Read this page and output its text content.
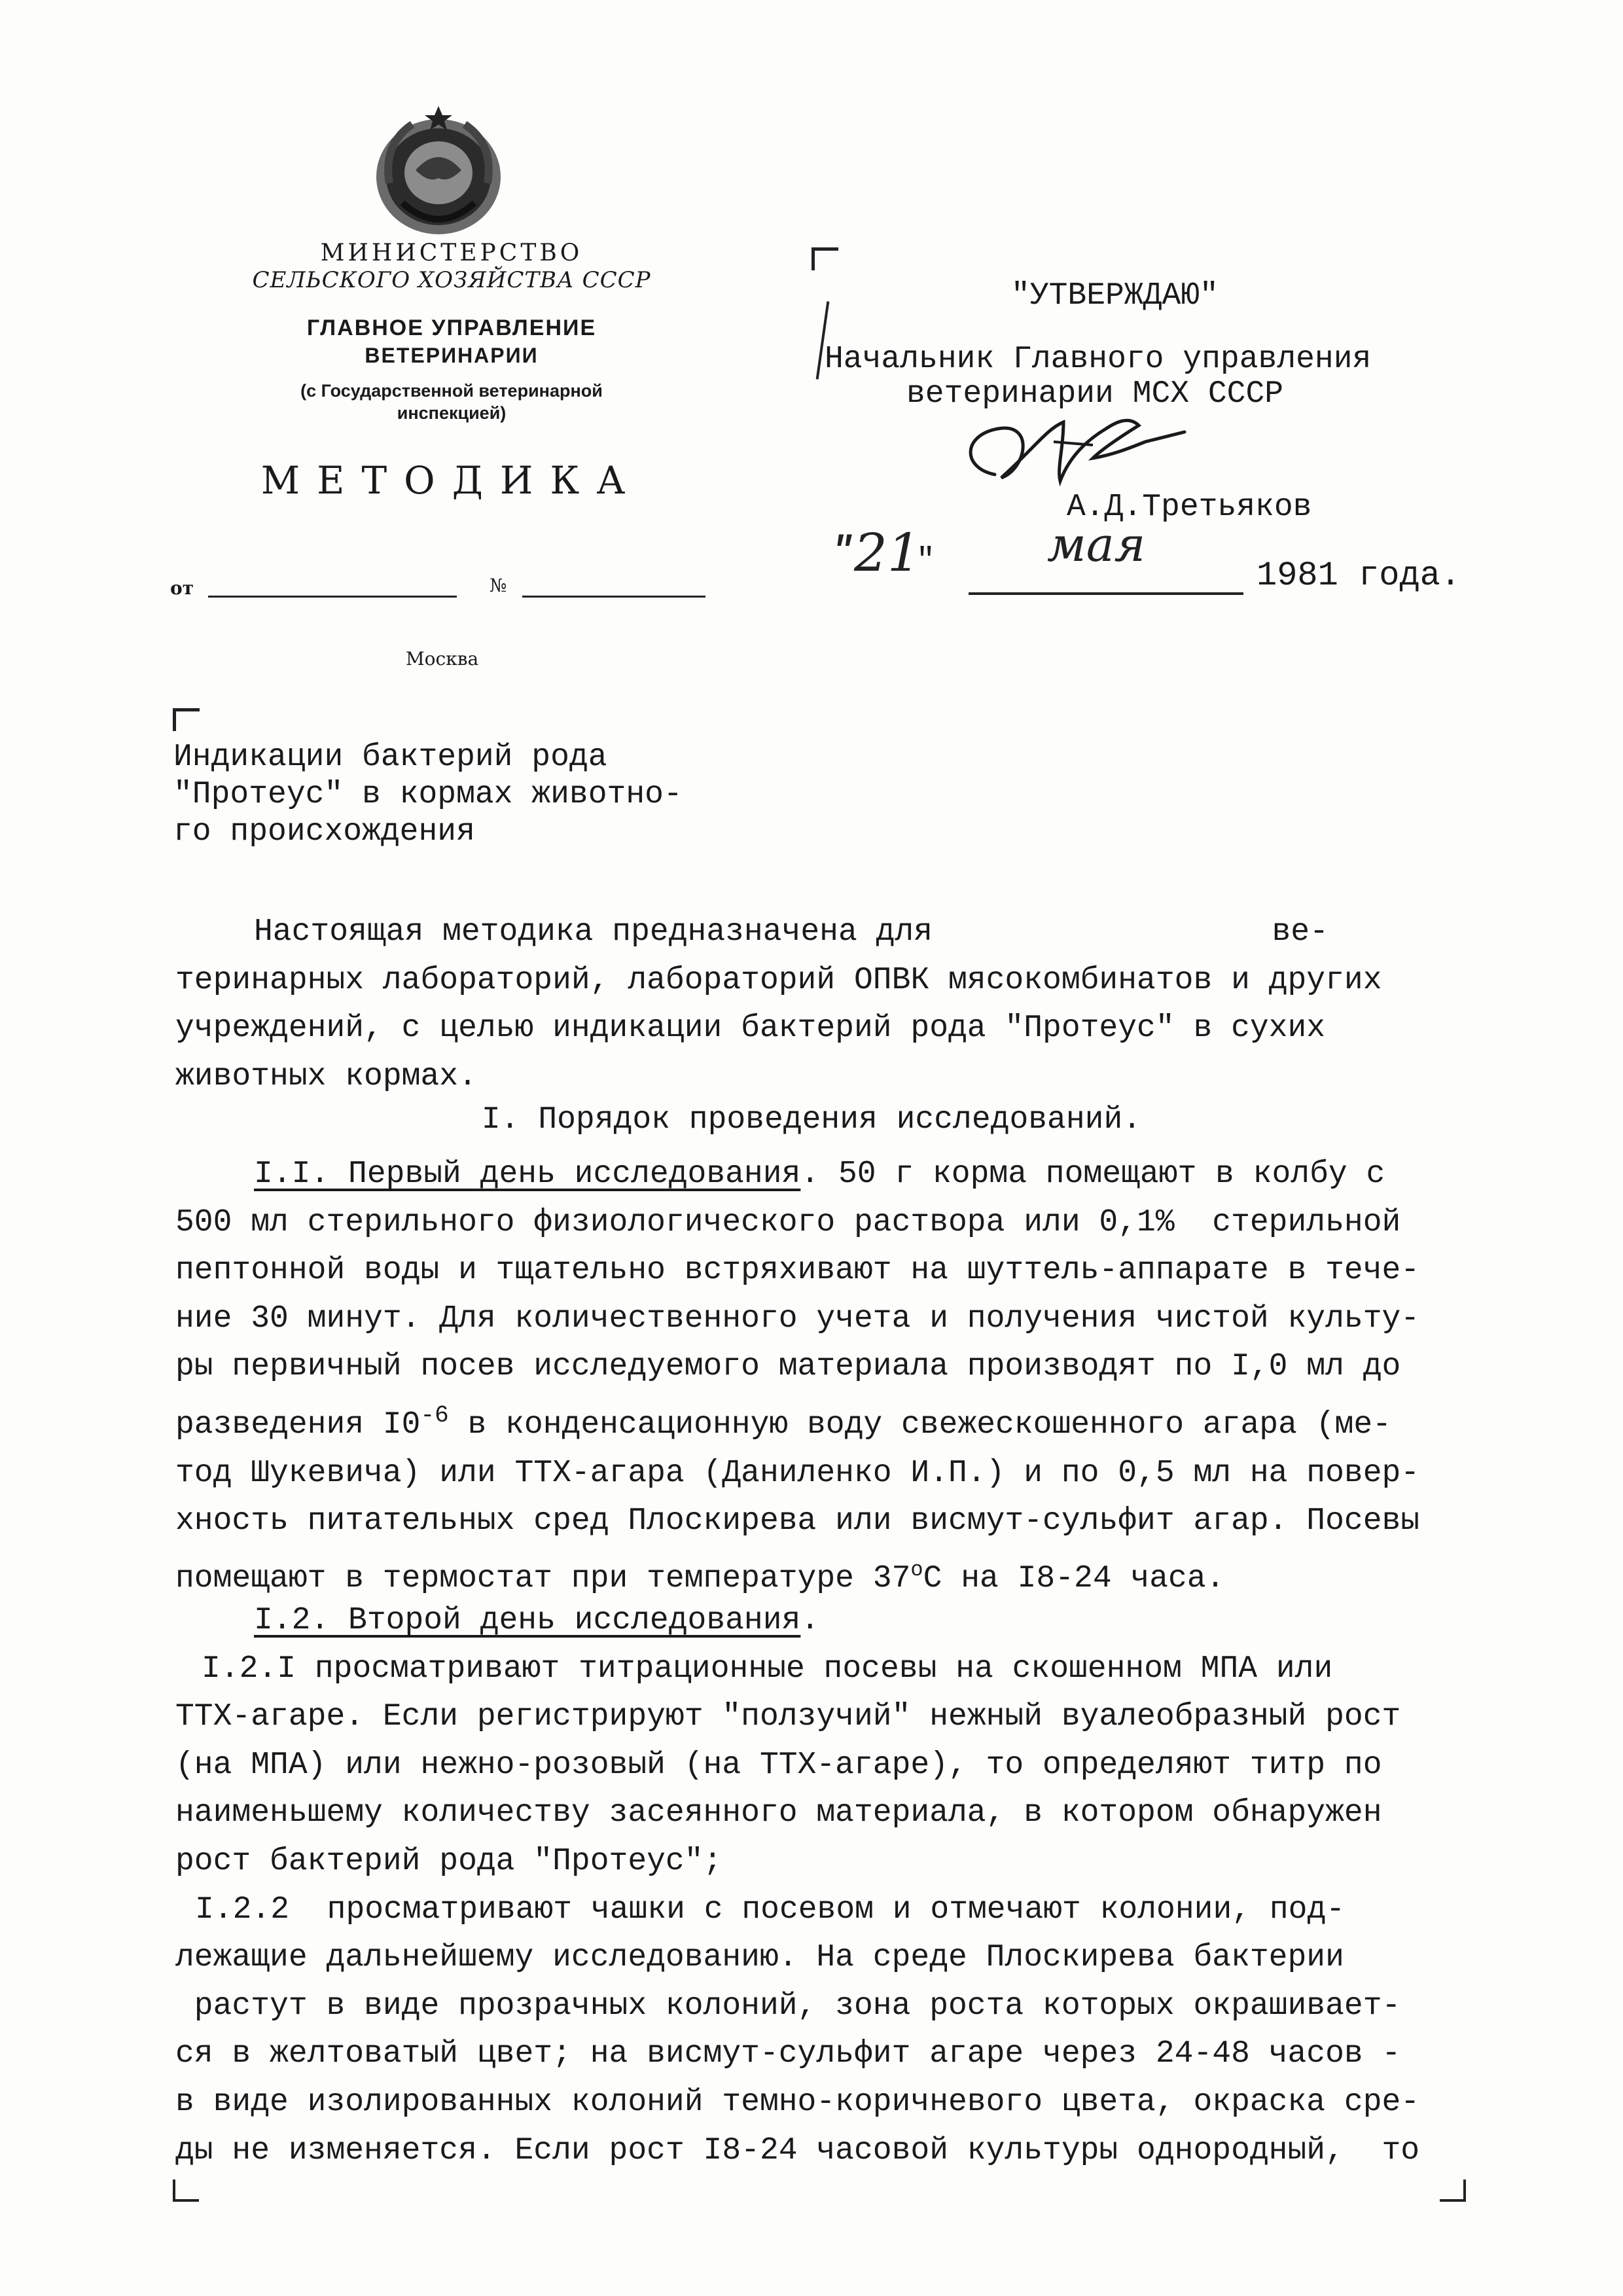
МИНИСТЕРСТВО
СЕЛЬСКОГО ХОЗЯЙСТВА СССР
ГЛАВНОЕ УПРАВЛЕНИЕ
ВЕТЕРИНАРИИ
(с Государственной ветеринарной
инспекцией)
МЕТОДИКА
от	№
Москва
"УТВЕРЖДАЮ"
Начальник Главного управления
ветеринарии МСХ СССР
А.Д.Третьяков
" 21
" мая
1981 года.
Индикации бактерий рода
"Протеус" в кормах животно-
го происхождения
Настоящая методика предназначена для                  ве-
теринарных лабораторий, лабораторий ОПВК мясокомбинатов и других
учреждений, с целью индикации бактерий рода "Протеус" в сухих
животных кормах.
I. Порядок проведения исследований.
I.I. Первый день исследования. 50 г корма помещают в колбу с
500 мл стерильного физиологического раствора или 0,1%  стерильной
пептонной воды и тщательно встряхивают на шуттель-аппарате в тече-
ние 30 минут. Для количественного учета и получения чистой культу-
ры первичный посев исследуемого материала производят по I,0 мл до
разведения $I0^{-6}$ в конденсационную воду свежескошенного агара (ме-
тод Шукевича) или ТТХ-агара (Даниленко И.П.) и по 0,5 мл на повер-
хность питательных сред Плоскирева или висмут-сульфит агар. Посевы
помещают в термостат при температуре $37^оС$ на I8-24 часа.
I.2. Второй день исследования.
I.2.I просматривают титрационные посевы на скошенном МПА или
ТТХ-агаре. Если регистрируют "ползучий" нежный вуалеобразный рост
(на МПА) или нежно-розовый (на ТТХ-агаре), то определяют титр по
наименьшему количеству засеянного материала, в котором обнаружен
рост бактерий рода "Протеус";
I.2.2  просматривают чашки с посевом и отмечают колонии, под-
лежащие дальнейшему исследованию. На среде Плоскирева бактерии
растут в виде прозрачных колоний, зона роста которых окрашивает-
ся в желтоватый цвет; на висмут-сульфит агаре через 24-48 часов -
в виде изолированных колоний темно-коричневого цвета, окраска сре-
ды не изменяется. Если рост I8-24 часовой культуры однородный,  то
